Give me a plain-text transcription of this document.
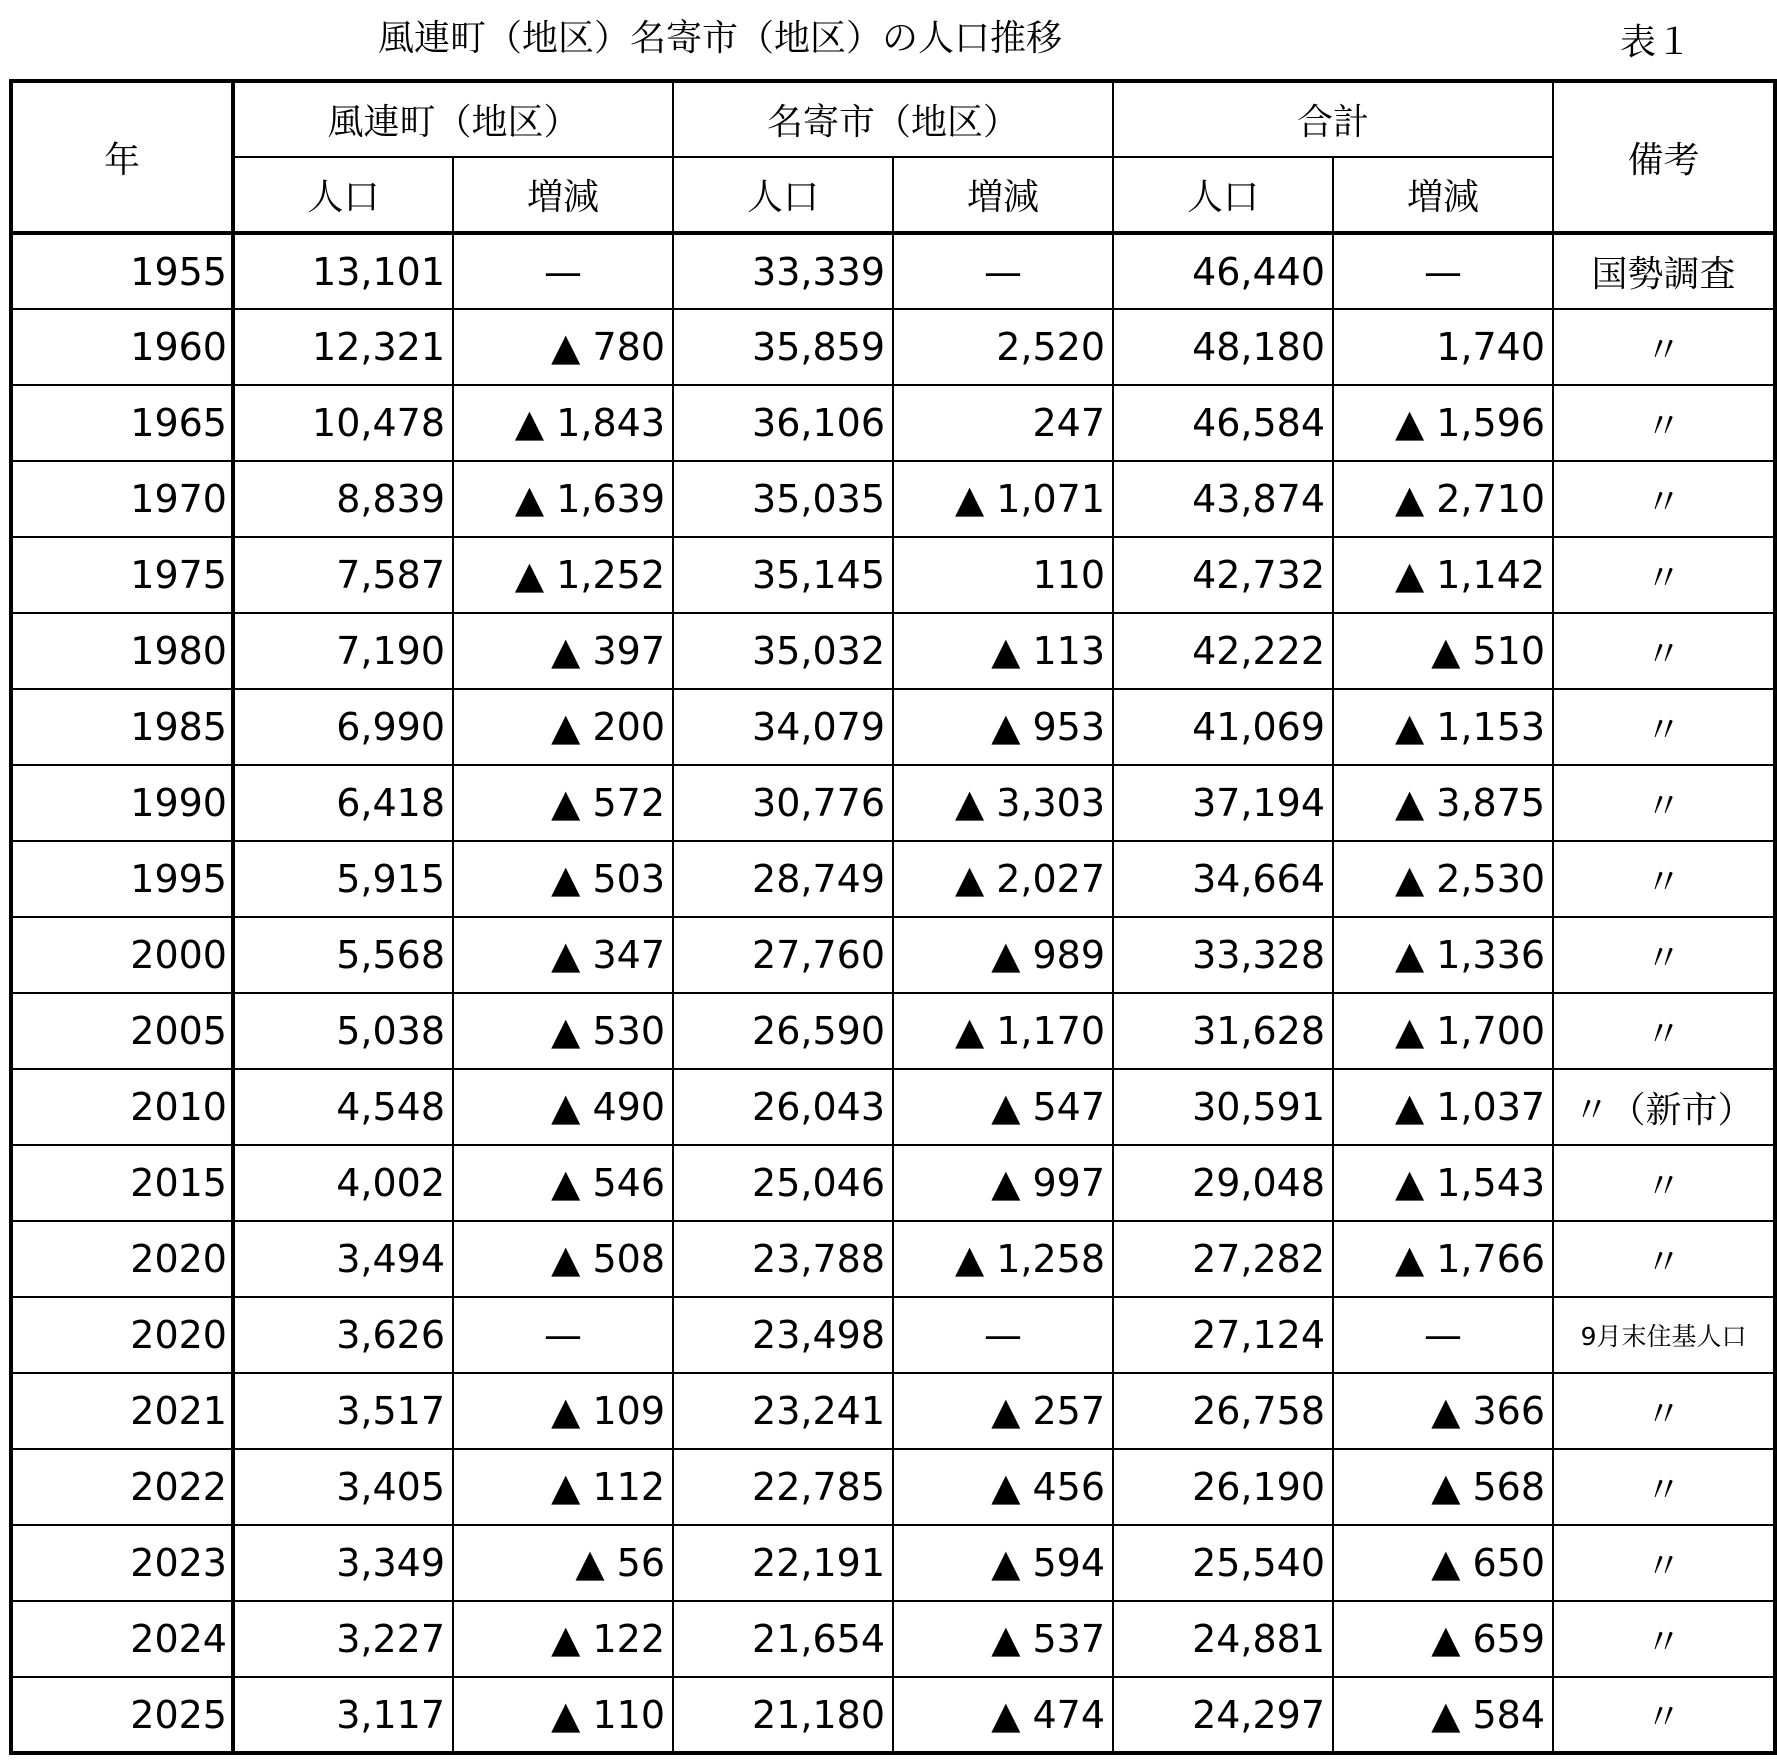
風連町（地区）名寄市（地区）の人口推移	表１
年	風連町（地区）		名寄市（地区）		合計		備考
	人口	増減	人口	増減	人口	増減	
1955	13,101	—	33,339	—	46,440	—	国勢調査
1960	12,321	▲ 780	35,859	2,520	48,180	1,740	〃
1965	10,478	▲ 1,843	36,106	247	46,584	▲ 1,596	〃
1970	8,839	▲ 1,639	35,035	▲ 1,071	43,874	▲ 2,710	〃
1975	7,587	▲ 1,252	35,145	110	42,732	▲ 1,142	〃
1980	7,190	▲ 397	35,032	▲ 113	42,222	▲ 510	〃
1985	6,990	▲ 200	34,079	▲ 953	41,069	▲ 1,153	〃
1990	6,418	▲ 572	30,776	▲ 3,303	37,194	▲ 3,875	〃
1995	5,915	▲ 503	28,749	▲ 2,027	34,664	▲ 2,530	〃
2000	5,568	▲ 347	27,760	▲ 989	33,328	▲ 1,336	〃
2005	5,038	▲ 530	26,590	▲ 1,170	31,628	▲ 1,700	〃
2010	4,548	▲ 490	26,043	▲ 547	30,591	▲ 1,037	〃（新市）
2015	4,002	▲ 546	25,046	▲ 997	29,048	▲ 1,543	〃
2020	3,494	▲ 508	23,788	▲ 1,258	27,282	▲ 1,766	〃
2020	3,626	—	23,498	—	27,124	—	9月末住基人口
2021	3,517	▲ 109	23,241	▲ 257	26,758	▲ 366	〃
2022	3,405	▲ 112	22,785	▲ 456	26,190	▲ 568	〃
2023	3,349	▲ 56	22,191	▲ 594	25,540	▲ 650	〃
2024	3,227	▲ 122	21,654	▲ 537	24,881	▲ 659	〃
2025	3,117	▲ 110	21,180	▲ 474	24,297	▲ 584	〃
